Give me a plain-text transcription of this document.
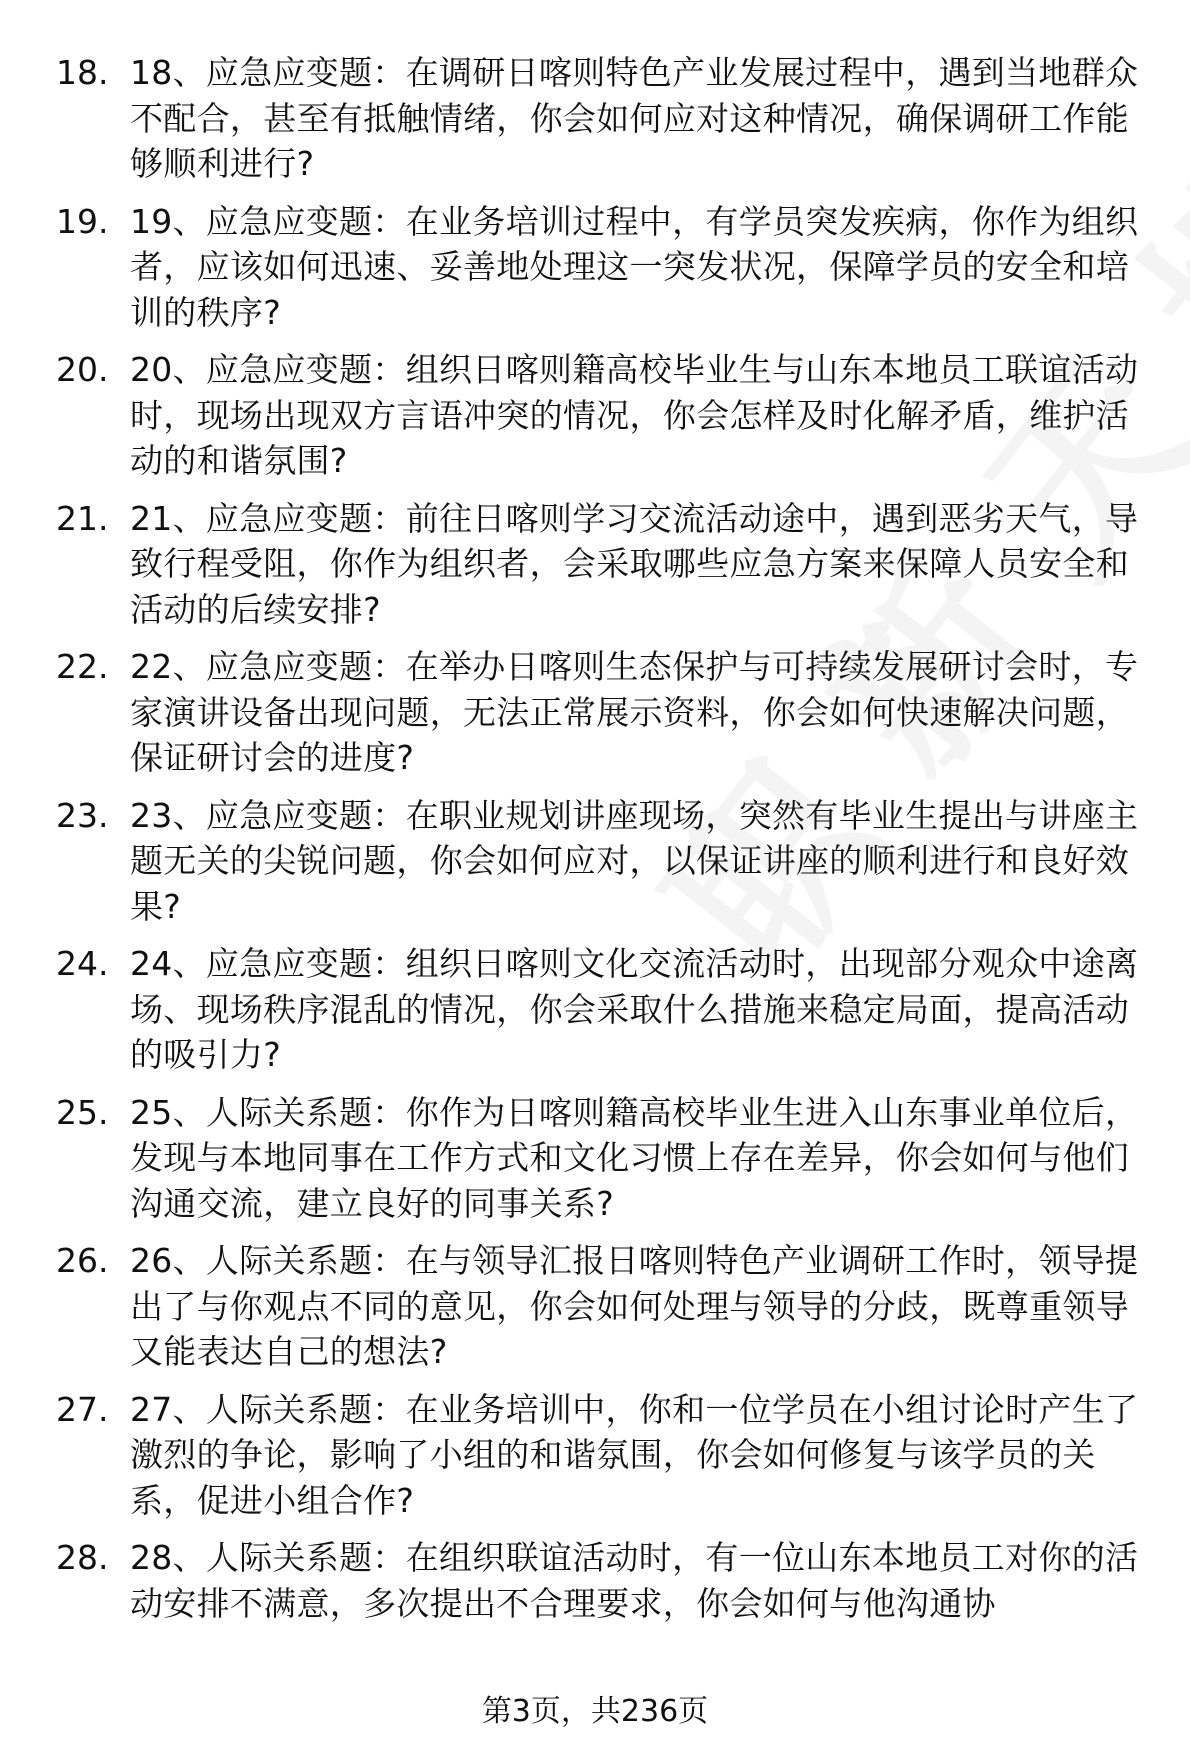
18. 18、应急应变题：在调研日喀则特色产业发展过程中，遇到当地群众不配合，甚至有抵触情绪，你会如何应对这种情况，确保调研工作能够顺利进行?
19. 19、应急应变题：在业务培训过程中，有学员突发疾病，你作为组织者，应该如何迅速、妥善地处理这一突发状况，保障学员的安全和培训的秩序?
20. 20、应急应变题：组织日喀则籍高校毕业生与山东本地员工联谊活动时，现场出现双方言语冲突的情况，你会怎样及时化解矛盾，维护活动的和谐氛围?
21. 21、应急应变题：前往日喀则学习交流活动途中，遇到恶劣天气，导致行程受阻，你作为组织者，会采取哪些应急方案来保障人员安全和活动的后续安排?
22. 22、应急应变题：在举办日喀则生态保护与可持续发展研讨会时，专家演讲设备出现问题，无法正常展示资料，你会如何快速解决问题，保证研讨会的进度?
23. 23、应急应变题：在职业规划讲座现场，突然有毕业生提出与讲座主题无关的尖锐问题，你会如何应对，以保证讲座的顺利进行和良好效果?
24. 24、应急应变题：组织日喀则文化交流活动时，出现部分观众中途离场、现场秩序混乱的情况，你会采取什么措施来稳定局面，提高活动的吸引力?
25. 25、人际关系题：你作为日喀则籍高校毕业生进入山东事业单位后，发现与本地同事在工作方式和文化习惯上存在差异，你会如何与他们沟通交流，建立良好的同事关系?
26. 26、人际关系题：在与领导汇报日喀则特色产业调研工作时，领导提出了与你观点不同的意见，你会如何处理与领导的分歧，既尊重领导又能表达自己的想法?
27. 27、人际关系题：在业务培训中，你和一位学员在小组讨论时产生了激烈的争论，影响了小组的和谐氛围，你会如何修复与该学员的关系，促进小组合作?
28. 28、人际关系题：在组织联谊活动时，有一位山东本地员工对你的活动安排不满意，多次提出不合理要求，你会如何与他沟通协
第3页，共236页
